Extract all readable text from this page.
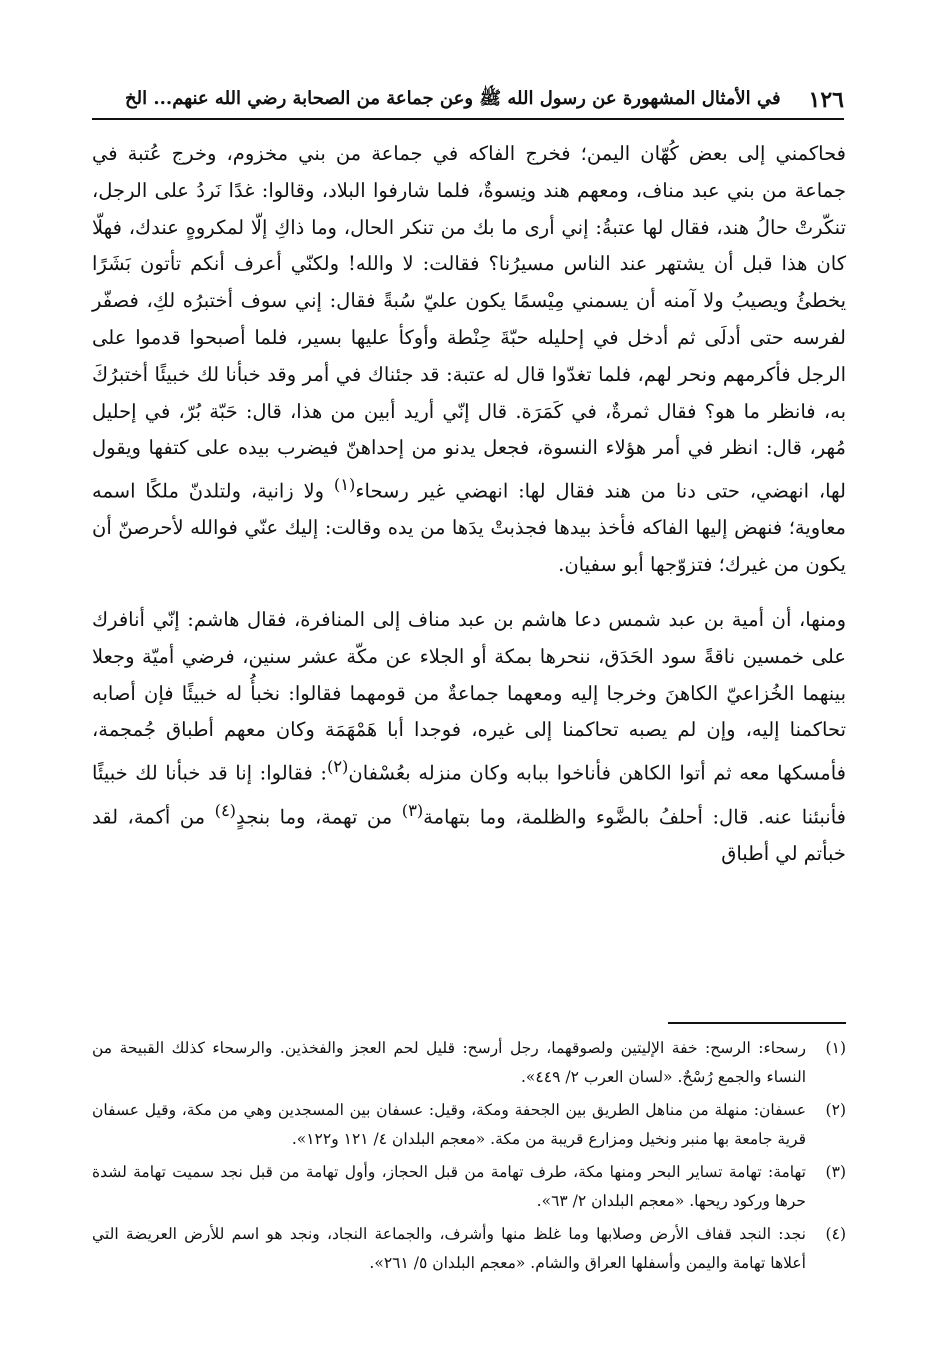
١٢٦
في الأمثال المشهورة عن رسول الله ﷺ وعن جماعة من الصحابة رضي الله عنهم... الخ

فحاكمني إلى بعض كُهّان اليمن؛ فخرج الفاكه في جماعة من بني مخزوم، وخرج عُتبة في جماعة من بني عبد مناف، ومعهم هند ونِسوةٌ، فلما شارفوا البلاد، وقالوا: غدًا نَردُ على الرجل، تنكّرتْ حالُ هند، فقال لها عتبةُ: إني أرى ما بك من تنكر الحال، وما ذاكِ إلّا لمكروهٍ عندك، فهلّا كان هذا قبل أن يشتهر عند الناس مسيرُنا؟ فقالت: لا والله! ولكنّي أعرف أنكم تأتون بَشَرًا يخطئُ ويصيبُ ولا آمنه أن يسمني مِيْسمًا يكون عليّ سُبةً فقال: إني سوف أختبرُه لكِ، فصفّر لفرسه حتى أدلَى ثم أدخل في إحليله حبّةَ حِنْطة وأوكأ عليها بسير، فلما أصبحوا قدموا على الرجل فأكرمهم ونحر لهم، فلما تغدّوا قال له عتبة: قد جئناك في أمر وقد خبأنا لك خبيئًا أختبرُكَ به، فانظر ما هو؟ فقال ثمرةٌ، في كَمَرَة. قال إنّي أريد أبين من هذا، قال: حَبّة بُرّ، في إحليل مُهر، قال: انظر في أمر هؤلاء النسوة، فجعل يدنو من إحداهنّ فيضرب بيده على كتفها ويقول لها، انهضي، حتى دنا من هند فقال لها: انهضي غير رسحاء$^{(١)}$ ولا زانية، ولتلدنّ ملكًا اسمه معاوية؛ فنهض إليها الفاكه فأخذ بيدها فجذبتْ يدَها من يده وقالت: إليك عنّي فوالله لأحرصنّ أن يكون من غيرك؛ فتزوّجها أبو سفيان.

ومنها، أن أمية بن عبد شمس دعا هاشم بن عبد مناف إلى المنافرة، فقال هاشم: إنّي أنافرك على خمسين ناقةً سود الحَدَق، ننحرها بمكة أو الجلاء عن مكّة عشر سنين، فرضي أميّة وجعلا بينهما الخُزاعيّ الكاهنَ وخرجا إليه ومعهما جماعةٌ من قومهما فقالوا: نخبأُ له خبيئًا فإن أصابه تحاكمنا إليه، وإن لم يصبه تحاكمنا إلى غيره، فوجدا أبا هَمْهَمَة وكان معهم أطباق جُمجمة، فأمسكها معه ثم أتوا الكاهن فأناخوا ببابه وكان منزله بعُسْفان$^{(٢)}$: فقالوا: إنا قد خبأنا لك خبيئًا فأنبئنا عنه. قال: أحلفُ بالضَّوء والظلمة، وما بتهامة$^{(٣)}$ من تهمة، وما بنجدٍ$^{(٤)}$ من أكمة، لقد خبأتم لي أطباق

(١)
رسحاء: الرسح: خفة الإليتين ولصوقهما، رجل أرسح: قليل لحم العجز والفخذين. والرسحاء كذلك القبيحة من النساء والجمع رُسْحٌ. «لسان العرب ٢/ ٤٤٩».
(٢)
عسفان: منهلة من مناهل الطريق بين الجحفة ومكة، وقيل: عسفان بين المسجدين وهي من مكة، وقيل عسفان قرية جامعة بها منبر ونخيل ومزارع قريبة من مكة. «معجم البلدان ٤/ ١٢١ و١٢٢».
(٣)
تهامة: تهامة تساير البحر ومنها مكة، طرف تهامة من قبل الحجاز، وأول تهامة من قبل نجد سميت تهامة لشدة حرها وركود ريحها. «معجم البلدان ٢/ ٦٣».
(٤)
نجد: النجد قفاف الأرض وصلابها وما غلظ منها وأشرف، والجماعة النجاد، ونجد هو اسم للأرض العريضة التي أعلاها تهامة واليمن وأسفلها العراق والشام. «معجم البلدان ٥/ ٢٦١».
